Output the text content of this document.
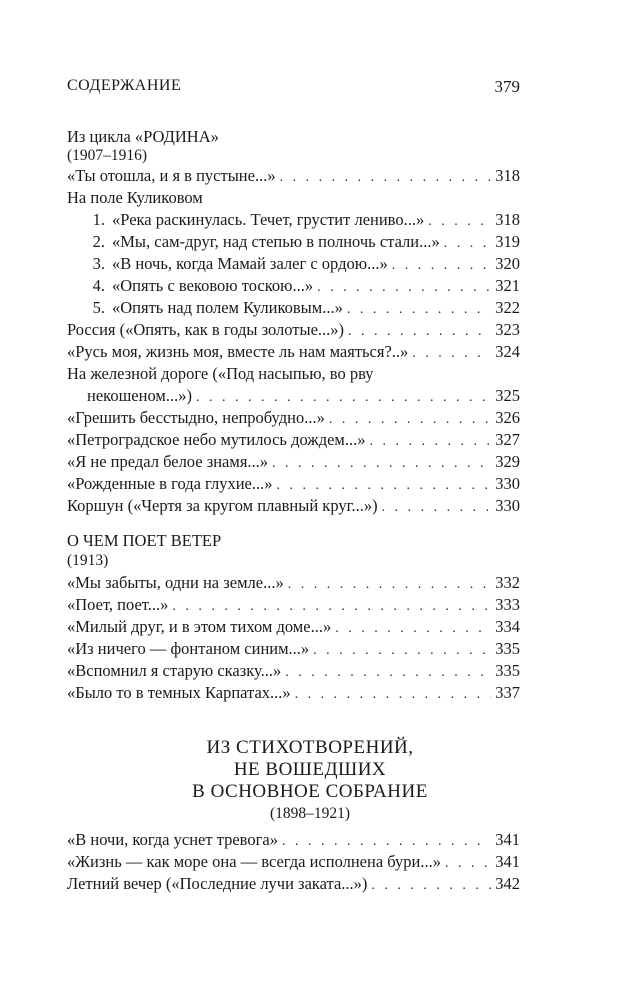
СОДЕРЖАНИЕ	379
Из цикла «РОДИНА»
(1907–1916)
«Ты отошла, и я в пустыне...» . . .	318
На поле Куликовом
1. «Река раскинулась. Течет, грустит лениво...» . . .	318
2. «Мы, сам-друг, над степью в полночь стали...» . . .	319
3. «В ночь, когда Мамай залег с ордою...» . . .	320
4. «Опять с вековою тоскою...» . . .	321
5. «Опять над полем Куликовым...» . . .	322
Россия («Опять, как в годы золотые...») . . .	323
«Русь моя, жизнь моя, вместе ль нам маяться?..» . . .	324
На железной дороге («Под насыпью, во рву
некошеном...») . . .	325
«Грешить бесстыдно, непробудно...» . . .	326
«Петроградское небо мутилось дождем...» . . .	327
«Я не предал белое знамя...» . . .	329
«Рожденные в года глухие...» . . .	330
Коршун («Чертя за кругом плавный круг...») . . .	330
О ЧЕМ ПОЕТ ВЕТЕР
(1913)
«Мы забыты, одни на земле...» . . .	332
«Поет, поет...» . . .	333
«Милый друг, и в этом тихом доме...» . . .	334
«Из ничего — фонтаном синим...» . . .	335
«Вспомнил я старую сказку...» . . .	335
«Было то в темных Карпатах...» . . .	337
ИЗ СТИХОТВОРЕНИЙ,
НЕ ВОШЕДШИХ
В ОСНОВНОЕ СОБРАНИЕ
(1898–1921)
«В ночи, когда уснет тревога» . . .	341
«Жизнь — как море она — всегда исполнена бури...» . . .	341
Летний вечер («Последние лучи заката...») . . .	342
